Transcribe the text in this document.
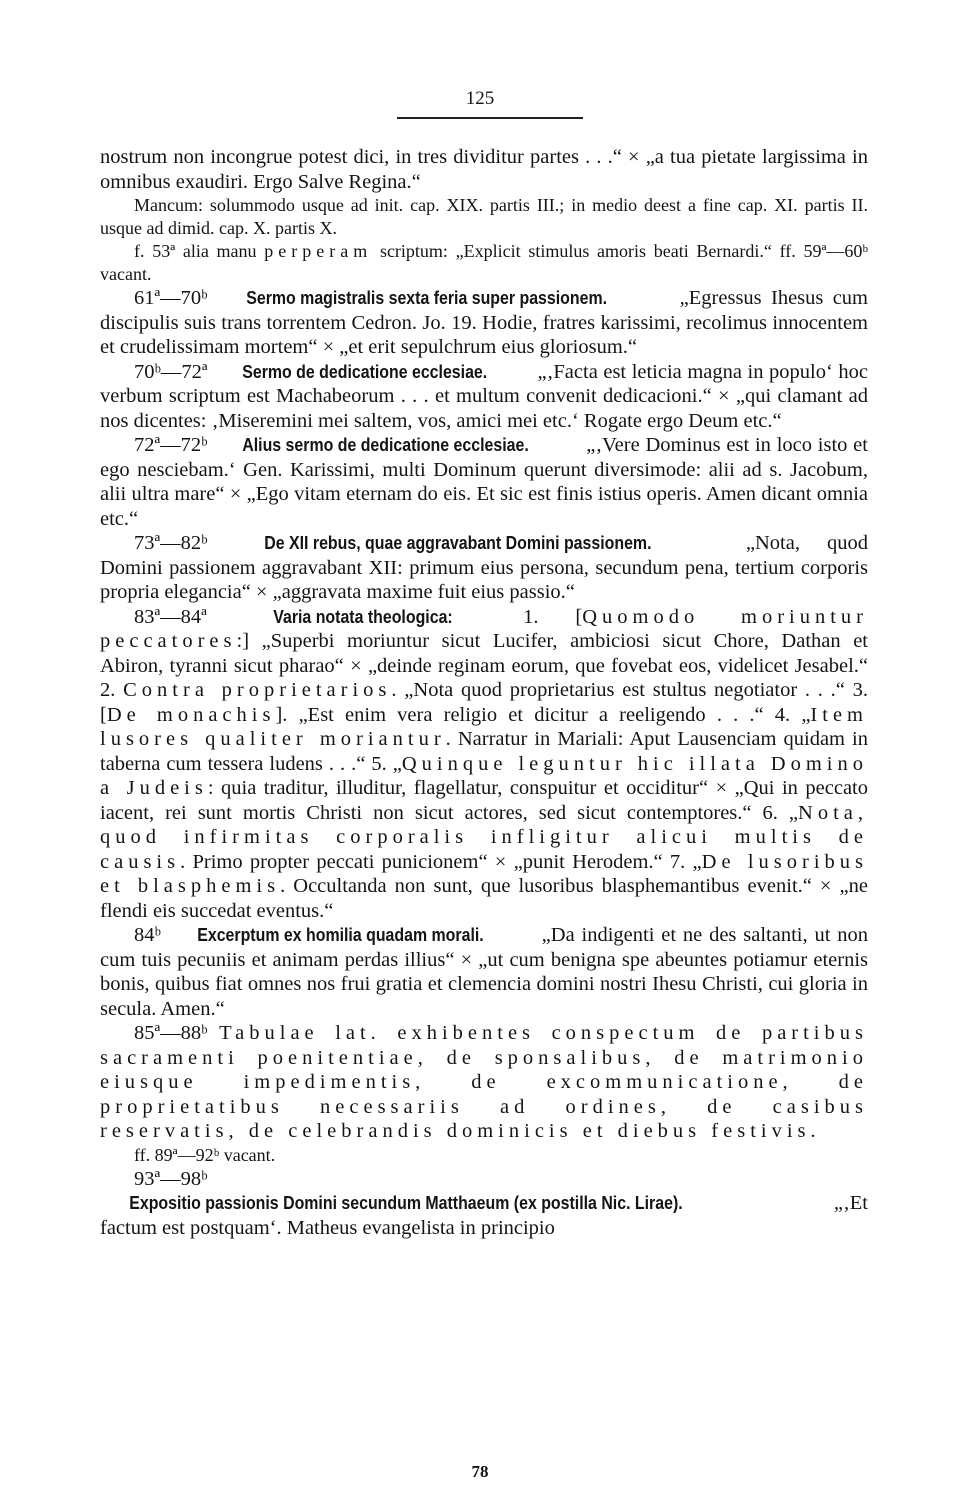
125

nostrum non incongrue potest dici, in tres dividitur partes . . .“ × „a tua pietate largissima in omnibus exaudiri. Ergo Salve Regina.“

Mancum: solummodo usque ad init. cap. XIX. partis III.; in medio deest a fine cap. XI. partis II. usque ad dimid. cap. X. partis X.

f. 53ª alia manu perperam scriptum: „Explicit stimulus amoris beati Bernardi.“ ff. 59ª—60ᵇ vacant.

61ª—70ᵇ Sermo magistralis sexta feria super passionem.	„Egressus Ihesus cum discipulis suis trans torrentem Cedron. Jo. 19. Hodie, fratres karissimi, recolimus innocentem et crudelissimam mortem“ × „et erit sepulchrum eius gloriosum.“

70ᵇ—72ª Sermo de dedicatione ecclesiae. „‚Facta est leticia magna in populo‘ hoc verbum scriptum est Machabeorum . . . et multum convenit dedicacioni.“ × „qui clamant ad nos dicentes: ‚Miseremini mei saltem, vos, amici mei etc.‘ Rogate ergo Deum etc.“

72ª—72ᵇ Alius sermo de dedicatione ecclesiae.	„‚Vere Dominus est in loco isto et ego nesciebam.‘ Gen. Karissimi, multi Dominum querunt diversimode: alii ad s. Jacobum, alii ultra mare“ × „Ego vitam eternam do eis. Et sic est finis istius operis. Amen dicant omnia etc.“

73ª—82ᵇ De XII rebus, quae aggravabant Domini passionem.	„Nota, quod Domini passionem aggravabant XII: primum eius persona, secundum pena, tertium corporis propria elegancia“ × „aggravata maxime fuit eius passio.“

83ª—84ª Varia notata theologica: 1. [Quomodo moriuntur peccatores:] „Superbi moriuntur sicut Lucifer, ambiciosi sicut Chore, Dathan et Abiron, tyranni sicut pharao“ × „deinde reginam eorum, que fovebat eos, videlicet Jesabel.“ 2. Contra proprietarios. „Nota quod proprietarius est stultus negotiator . . .“ 3. [De monachis]. „Est enim vera religio et dicitur a reeligendo . . .“ 4. „Item lusores qualiter moriantur. Narratur in Mariali: Aput Lausenciam quidam in taberna cum tessera ludens . . .“ 5. „Quinque leguntur hic illata Domino a Judeis: quia traditur, illuditur, flagellatur, conspuitur et occiditur“ × „Qui in peccato iacent, rei sunt mortis Christi non sicut actores, sed sicut contemptores.“ 6. „Nota, quod infirmitas corporalis infligitur alicui multis de causis. Primo propter peccati punicionem“ × „punit Herodem.“ 7. „De lusoribus et blasphemis. Occultanda non sunt, que lusoribus blasphemantibus evenit.“ × „ne flendi eis succedat eventus.“

84ᵇ Excerptum ex homilia quadam morali.	„Da indigenti et ne des saltanti, ut non cum tuis pecuniis et animam perdas illius“ × „ut cum benigna spe abeuntes potiamur eternis bonis, quibus fiat omnes nos frui gratia et clemencia domini nostri Ihesu Christi, cui gloria in secula. Amen.“

85ª—88ᵇ Tabulae lat. exhibentes conspectum de partibus sacramenti poenitentiae, de sponsalibus, de matrimonio eiusque impedimentis, de excommunicatione, de proprietatibus necessariis ad ordines, de casibus reservatis, de celebrandis dominicis et diebus festivis.

ff. 89ª—92ᵇ vacant.

93ª—98ᵇ Expositio passionis Domini secundum Matthaeum (ex postilla Nic. Lirae).	„‚Et factum est postquam‘. Matheus evangelista in principio

78
